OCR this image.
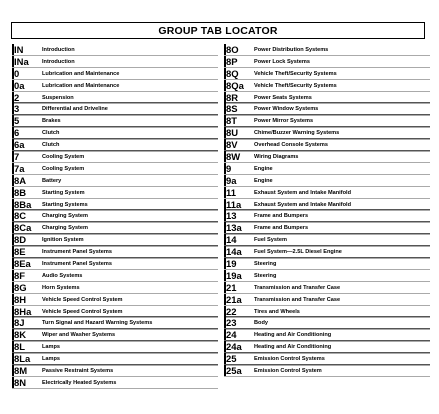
GROUP TAB LOCATOR
IN	Introduction
INa	Introduction
0	Lubrication and Maintenance
0a	Lubrication and Maintenance
2	Suspension
3	Differential and Driveline
5	Brakes
6	Clutch
6a	Clutch
7	Cooling System
7a	Cooling System
8A	Battery
8B	Starting System
8Ba	Starting Systems
8C	Charging System
8Ca	Charging System
8D	Ignition System
8E	Instrument Panel Systems
8Ea	Instrument Panel Systems
8F	Audio Systems
8G	Horn Systems
8H	Vehicle Speed Control System
8Ha	Vehicle Speed Control System
8J	Turn Signal and Hazard Warning Systems
8K	Wiper and Washer Systems
8L	Lamps
8La	Lamps
8M	Passive Restraint Systems
8N	Electrically Heated Systems
8O	Power Distribution Systems
8P	Power Lock Systems
8Q	Vehicle Theft/Security Systems
8Qa	Vehicle Theft/Security Systems
8R	Power Seats Systems
8S	Power Window Systems
8T	Power Mirror Systems
8U	Chime/Buzzer Warning Systems
8V	Overhead Console Systems
8W	Wiring Diagrams
9	Engine
9a	Engine
11	Exhaust System and Intake Manifold
11a	Exhaust System and Intake Manifold
13	Frame and Bumpers
13a	Frame and Bumpers
14	Fuel System
14a	Fuel System—2.5L Diesel Engine
19	Steering
19a	Steering
21	Transmission and Transfer Case
21a	Transmission and Transfer Case
22	Tires and Wheels
23	Body
24	Heating and Air Conditioning
24a	Heating and Air Conditioning
25	Emission Control Systems
25a	Emission Control System
